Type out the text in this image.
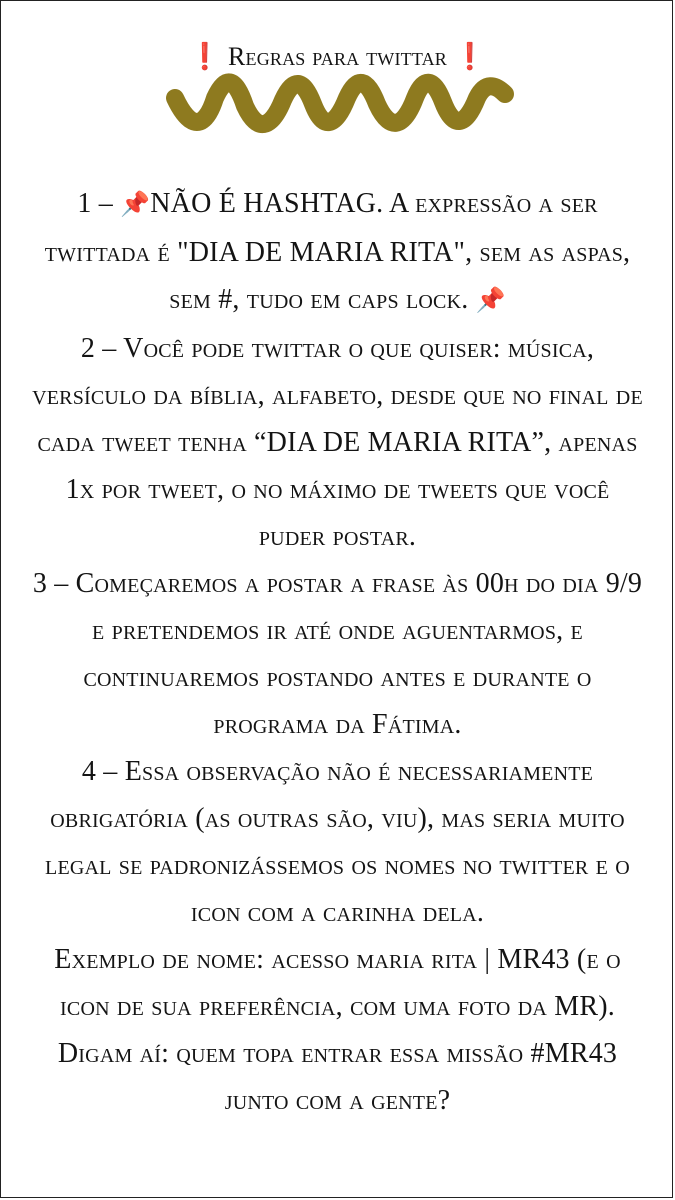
❗ Regras para twittar ❗

1 – 📌NÃO É HASHTAG. A expressão a ser twittada é "DIA DE MARIA RITA", sem as aspas, sem #, tudo em caps lock. 📌

2 – Você pode twittar o que quiser: música, versículo da bíblia, alfabeto, desde que no final de cada tweet tenha “DIA DE MARIA RITA”, apenas 1x por tweet, o no máximo de tweets que você puder postar.

3 – Começaremos a postar a frase às 00h do dia 9/9 e pretendemos ir até onde aguentarmos, e continuaremos postando antes e durante o programa da Fátima.

4 – Essa observação não é necessariamente obrigatória (as outras são, viu), mas seria muito legal se padronizássemos os nomes no twitter e o icon com a carinha dela.

Exemplo de nome: acesso maria rita | MR43 (e o icon de sua preferência, com uma foto da MR).

Digam aí: quem topa entrar essa missão #MR43 junto com a gente?
